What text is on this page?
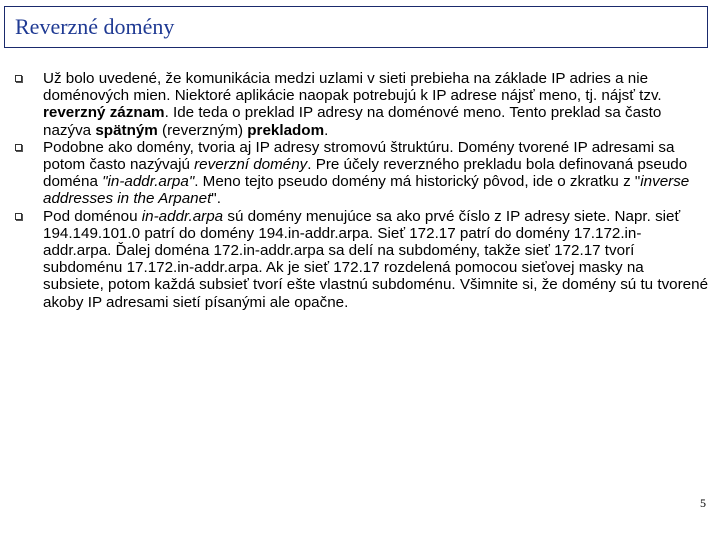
Reverzné domény
Už bolo uvedené, že komunikácia medzi uzlami v sieti prebieha na základe IP adries a nie doménových mien. Niektoré aplikácie naopak potrebujú k IP adrese nájsť meno, tj. nájsť tzv. reverzný záznam. Ide teda o preklad IP adresy na doménové meno. Tento preklad sa často nazýva spätným (reverzným) prekladom.
Podobne ako domény, tvoria aj IP adresy stromovú štruktúru. Domény tvorené IP adresami sa potom často nazývajú reverzní domény. Pre účely reverzného prekladu bola definovaná pseudo doména "in-addr.arpa". Meno tejto pseudo domény má historický pôvod, ide o zkratku z "inverse addresses in the Arpanet".
Pod doménou in-addr.arpa sú domény menujúce sa ako prvé číslo z IP adresy siete. Napr. sieť 194.149.101.0 patrí do domény 194.in-addr.arpa. Sieť 172.17 patrí do domény 17.172.in-addr.arpa. Ďalej doména 172.in-addr.arpa sa delí na subdomény, takže sieť 172.17 tvorí subdoménu 17.172.in-addr.arpa. Ak je sieť 172.17 rozdelená pomocou sieťovej masky na subsiete, potom každá subsieť tvorí ešte vlastnú subdoménu. Všimnite si, že domény sú tu tvorené akoby IP adresami sietí písanými ale opačne.
5
